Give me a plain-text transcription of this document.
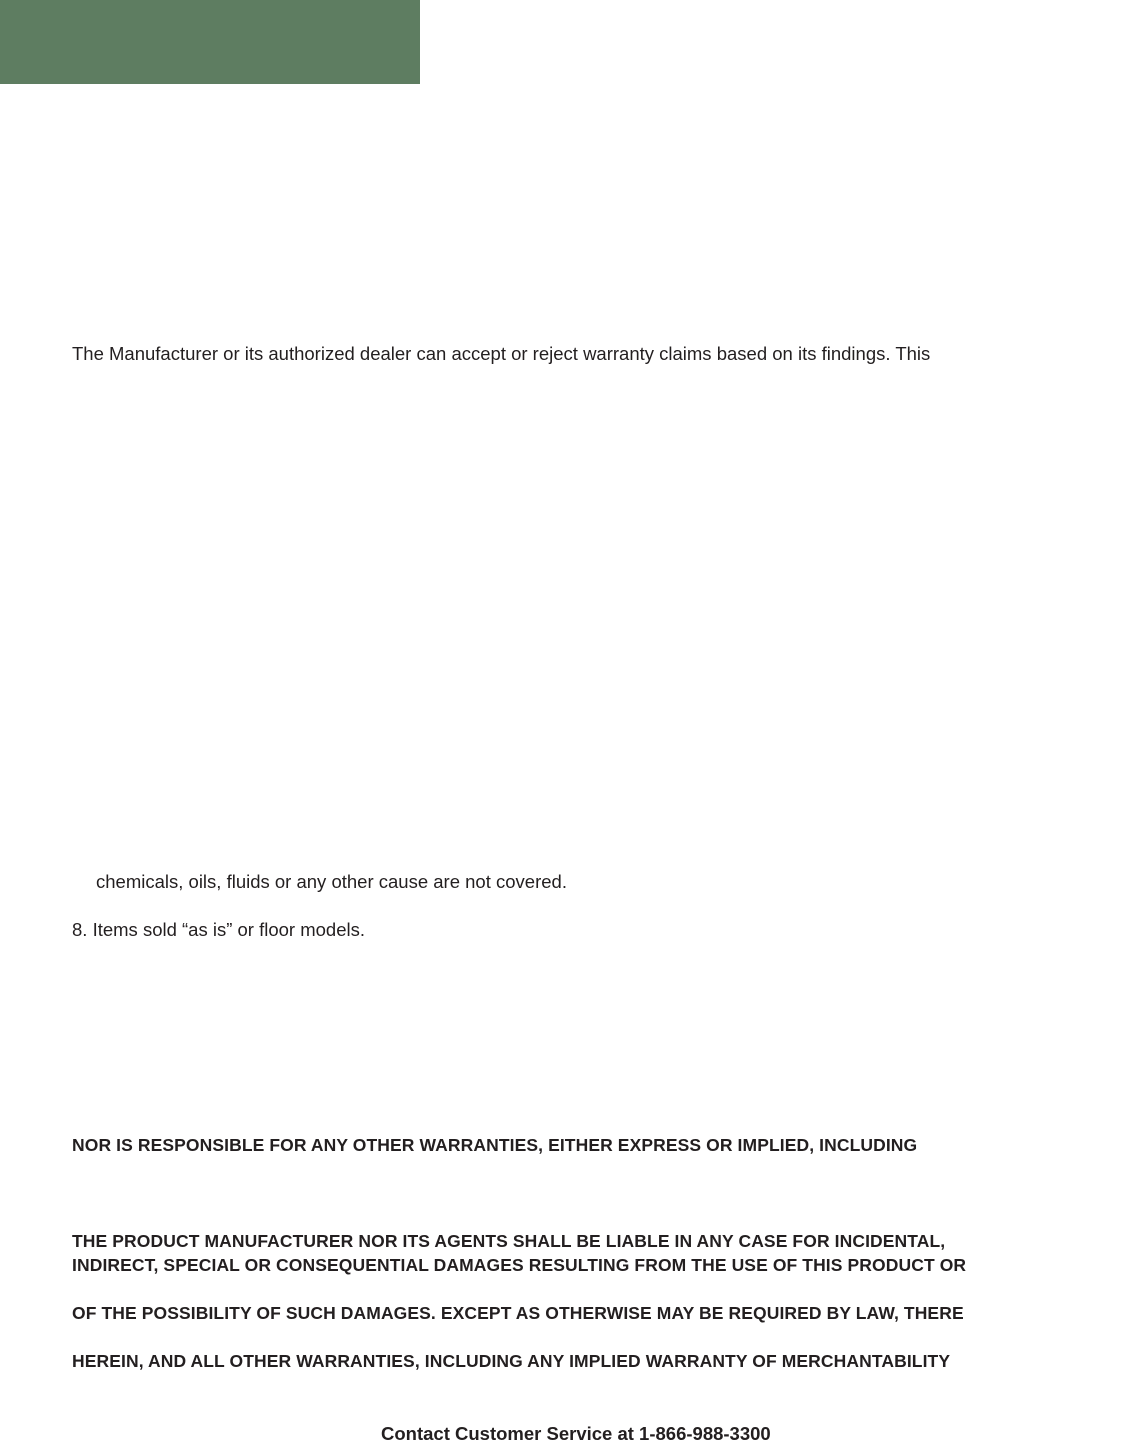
The Manufacturer or its authorized dealer can accept or reject warranty claims based on its findings. This
chemicals, oils, fluids or any other cause are not covered.
8. Items sold “as is” or floor models.
NOR IS RESPONSIBLE FOR ANY OTHER WARRANTIES, EITHER EXPRESS OR IMPLIED, INCLUDING
THE PRODUCT MANUFACTURER NOR ITS AGENTS SHALL BE LIABLE IN ANY CASE FOR INCIDENTAL,
INDIRECT, SPECIAL OR CONSEQUENTIAL DAMAGES RESULTING FROM THE USE OF THIS PRODUCT OR
OF THE POSSIBILITY OF SUCH DAMAGES. EXCEPT AS OTHERWISE MAY BE REQUIRED BY LAW, THERE
HEREIN, AND ALL OTHER WARRANTIES, INCLUDING ANY IMPLIED WARRANTY OF MERCHANTABILITY
Contact Customer Service at 1-866-988-3300
